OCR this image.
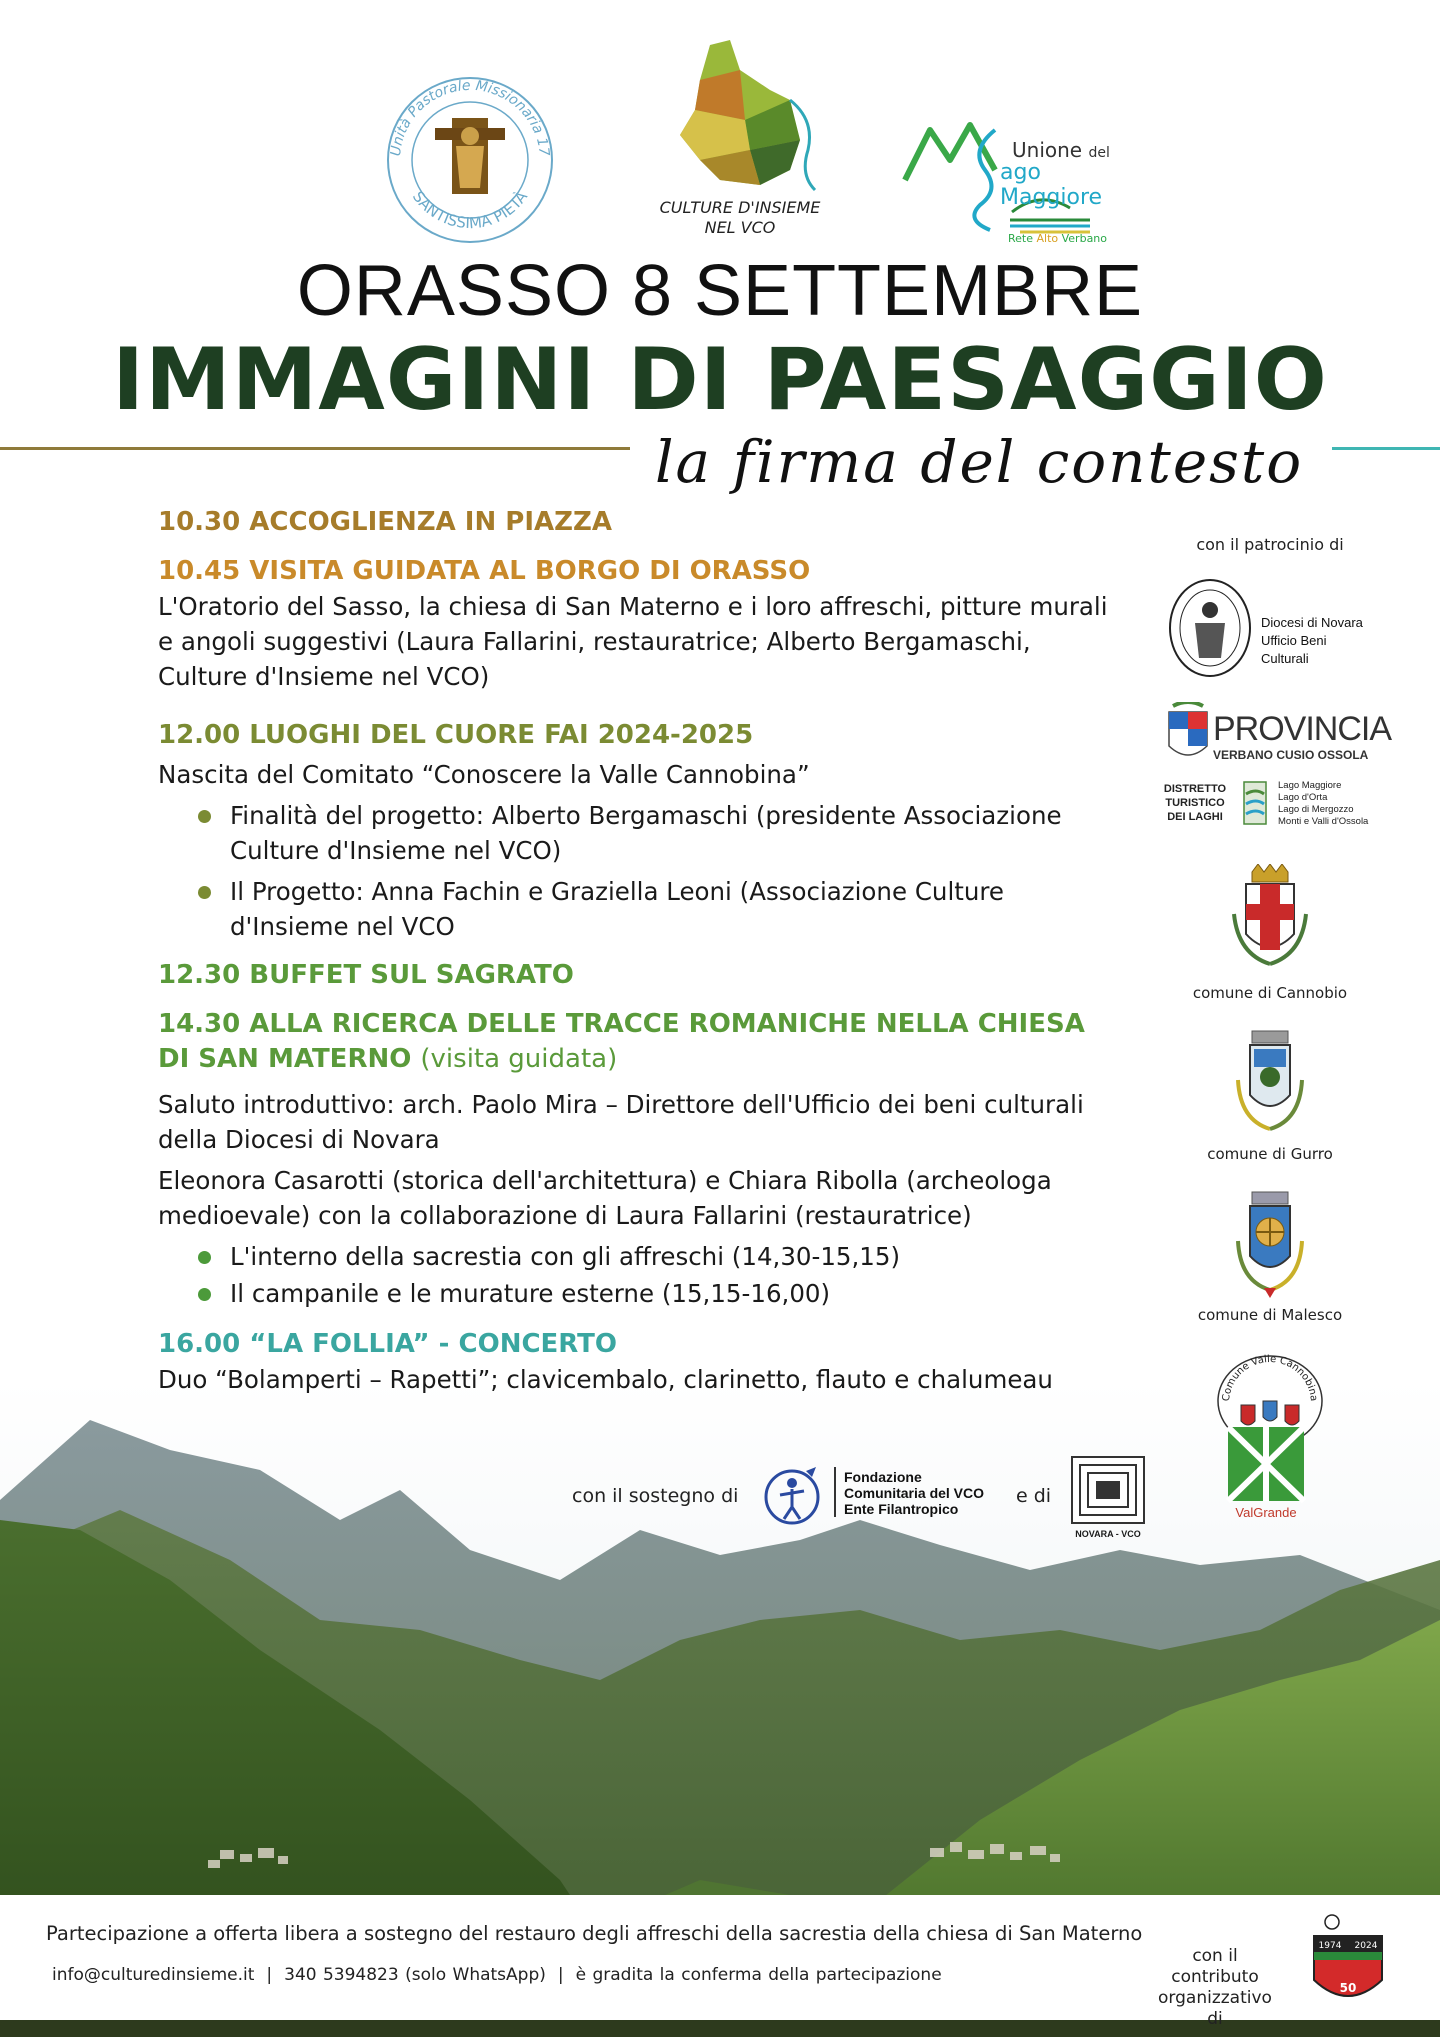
Unità Pastorale Missionaria 17
SANTISSIMA PIETÀ
CULTURE D'INSIEME
NEL VCO
Unione del
ago Maggiore
Rete Alto Verbano
ORASSO 8 SETTEMBRE
IMMAGINI DI PAESAGGIO
la firma del contesto
10.30 ACCOGLIENZA IN PIAZZA
10.45 VISITA GUIDATA AL BORGO DI ORASSO
L'Oratorio del Sasso, la chiesa di San Materno e i loro affreschi, pitture murali e angoli suggestivi (Laura Fallarini, restauratrice; Alberto Bergamaschi, Culture d'Insieme nel VCO)
12.00 LUOGHI DEL CUORE FAI 2024-2025
Nascita del Comitato “Conoscere la Valle Cannobina”
Finalità del progetto: Alberto Bergamaschi (presidente Associazione Culture d'Insieme nel VCO)
Il Progetto: Anna Fachin e Graziella Leoni (Associazione Culture d'Insieme nel VCO
12.30 BUFFET SUL SAGRATO
14.30 ALLA RICERCA DELLE TRACCE ROMANICHE NELLA CHIESA DI SAN MATERNO (visita guidata)
Saluto introduttivo: arch. Paolo Mira – Direttore dell'Ufficio dei beni culturali della Diocesi di Novara
Eleonora Casarotti (storica dell'architettura) e Chiara Ribolla (archeologa medioevale) con la collaborazione di Laura Fallarini (restauratrice)
L'interno della sacrestia con gli affreschi (14,30-15,15)
Il campanile e le murature esterne (15,15-16,00)
16.00 “LA FOLLIA” - CONCERTO
Duo “Bolamperti – Rapetti”; clavicembalo, clarinetto, flauto e chalumeau
con il patrocinio di
Diocesi di Novara
Ufficio Beni Culturali
PROVINCIA
VERBANO CUSIO OSSOLA
DISTRETTO
TURISTICO
DEI LAGHI
Lago Maggiore
Lago d'Orta
Lago di Mergozzo
Monti e Valli d'Ossola
comune di Cannobio
comune di Gurro
comune di Malesco
Comune Valle Cannobina
ValGrande
con il sostegno di
Fondazione
Comunitaria del VCO
Ente Filantropico
e di
NOVARA - VCO
Partecipazione a offerta libera a sostegno del restauro degli affreschi della sacrestia della chiesa di San Materno
info@culturedinsieme.it | 340 5394823 (solo WhatsApp) | è gradita la conferma della partecipazione
con il contributo
organizzativo di
1974 2024
50
